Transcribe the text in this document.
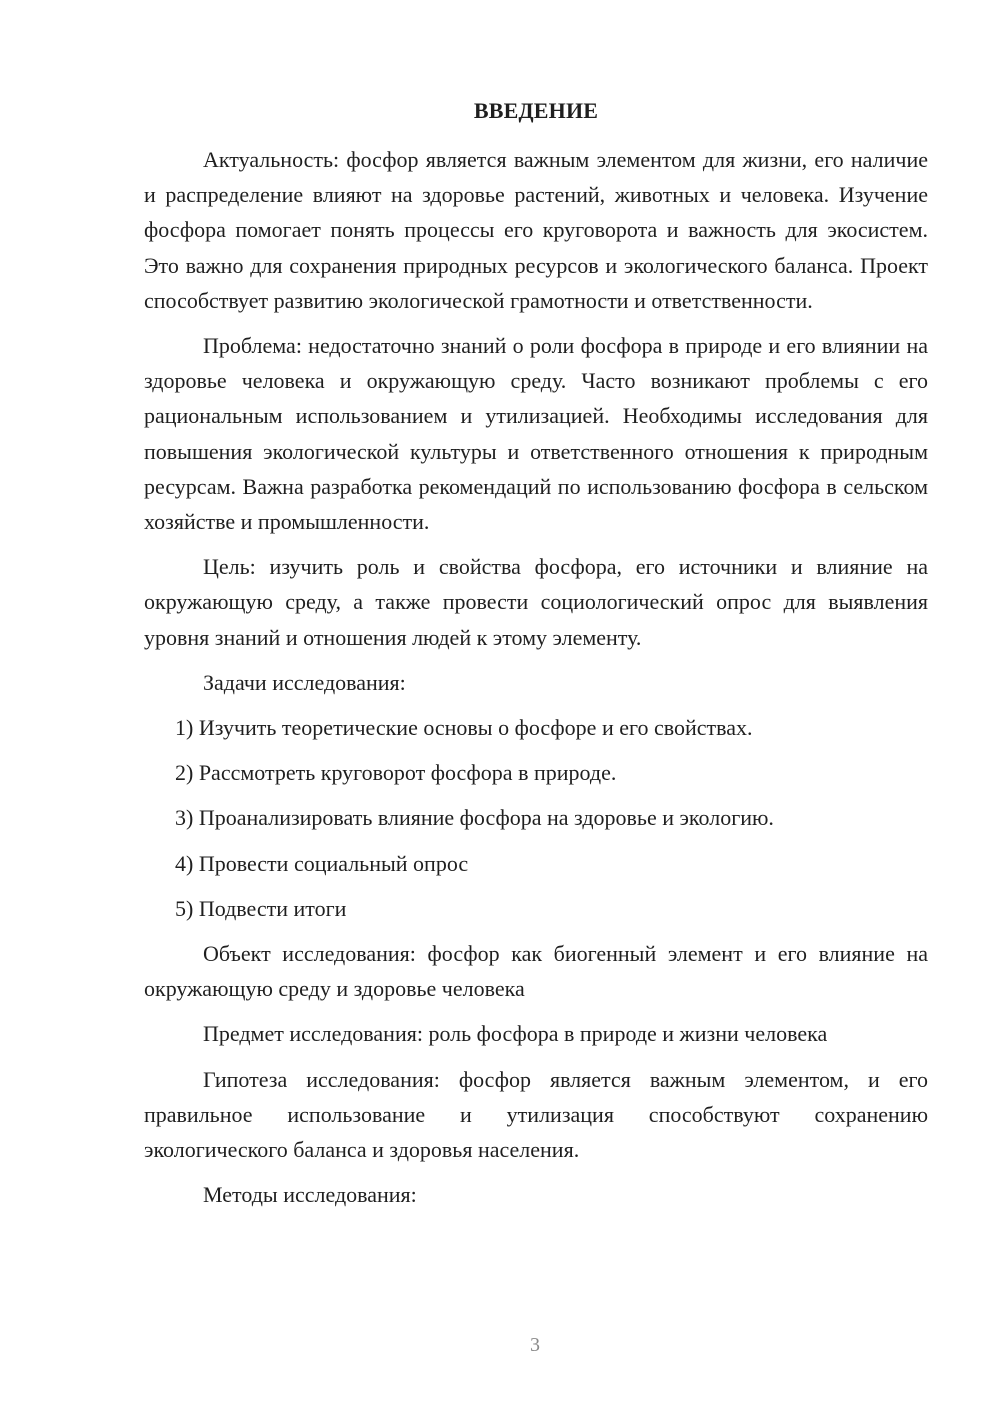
ВВЕДЕНИЕ

Актуальность: фосфор является важным элементом для жизни, его наличие и распределение влияют на здоровье растений, животных и человека. Изучение фосфора помогает понять процессы его круговорота и важность для экосистем. Это важно для сохранения природных ресурсов и экологического баланса. Проект способствует развитию экологической грамотности и ответственности.

Проблема: недостаточно знаний о роли фосфора в природе и его влиянии на здоровье человека и окружающую среду. Часто возникают проблемы с его рациональным использованием и утилизацией. Необходимы исследования для повышения экологической культуры и ответственного отношения к природным ресурсам. Важна разработка рекомендаций по использованию фосфора в сельском хозяйстве и промышленности.

Цель: изучить роль и свойства фосфора, его источники и влияние на окружающую среду, а также провести социологический опрос для выявления уровня знаний и отношения людей к этому элементу.

Задачи исследования:

1) Изучить теоретические основы о фосфоре и его свойствах.

2) Рассмотреть круговорот фосфора в природе.

3) Проанализировать влияние фосфора на здоровье и экологию.

4) Провести социальный опрос

5) Подвести итоги

Объект исследования: фосфор как биогенный элемент и его влияние на окружающую среду и здоровье человека

Предмет исследования: роль фосфора в природе и жизни человека

Гипотеза исследования: фосфор является важным элементом, и его правильное использование и утилизация способствуют сохранению экологического баланса и здоровья населения.

Методы исследования:

3
